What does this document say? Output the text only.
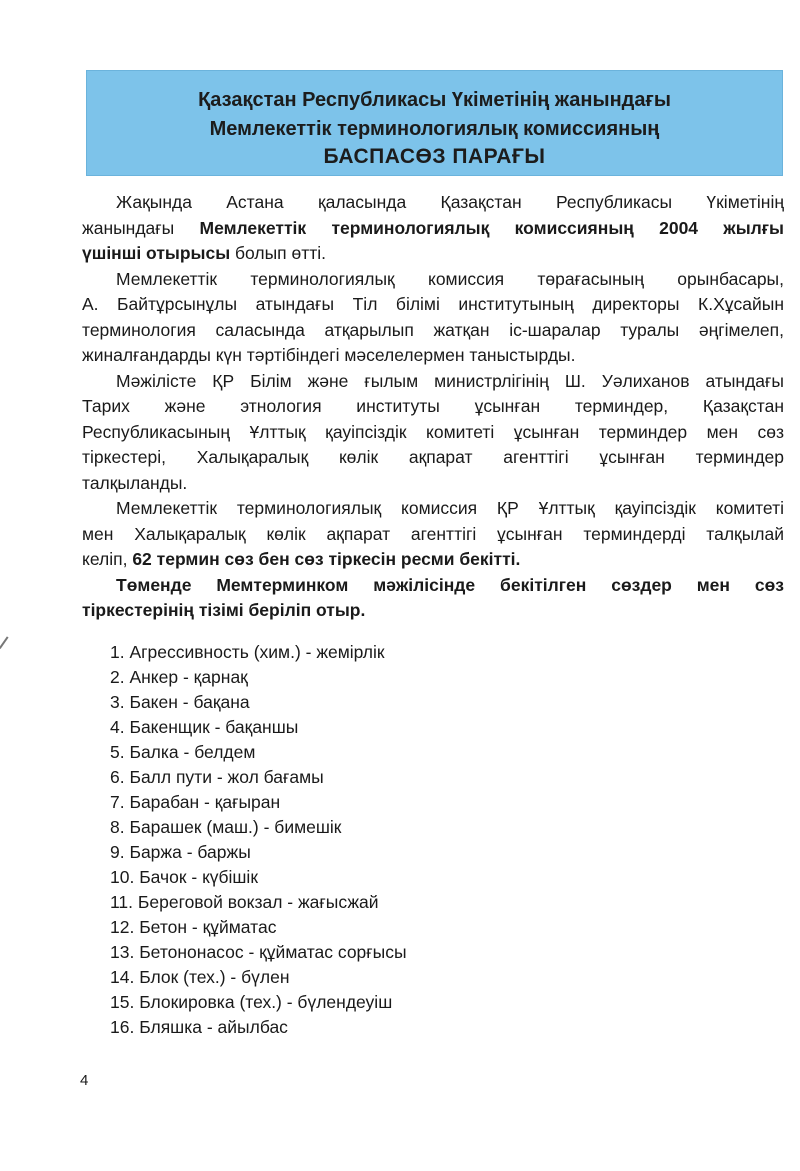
Қазақстан Республикасы Үкіметінің жанындағы
Мемлекеттік терминологиялық комиссияның
БАСПАСӨЗ ПАРАҒЫ
Жақында Астана қаласында Қазақстан Республикасы Үкіметінің
жанындағы Мемлекеттік терминологиялық комиссияның 2004 жылғы
үшінші отырысы болып өтті.
Мемлекеттік терминологиялық комиссия төрағасының орынбасары,
А. Байтұрсынұлы атындағы Тіл білімі институтының директоры К.Хұсайын
терминология саласында атқарылып жатқан іс-шаралар туралы әңгімелеп,
жиналғандарды күн тәртібіндегі мәселелермен таныстырды.
Мәжілісте ҚР Білім және ғылым министрлігінің Ш. Уәлиханов атындағы
Тарих және этнология институты ұсынған терминдер, Қазақстан
Республикасының Ұлттық қауіпсіздік комитеті ұсынған терминдер мен сөз
тіркестері, Халықаралық көлік ақпарат агенттігі ұсынған терминдер
талқыланды.
Мемлекеттік терминологиялық комиссия ҚР Ұлттық қауіпсіздік комитеті
мен Халықаралық көлік ақпарат агенттігі ұсынған терминдерді талқылай
келіп, 62 термин сөз бен сөз тіркесін ресми бекітті.
Төменде Мемтерминком мәжілісінде бекітілген сөздер мен сөз
тіркестерінің тізімі беріліп отыр.
1. Агрессивность (хим.) - жемірлік
2. Анкер - қарнақ
3. Бакен - бақана
4. Бакенщик - бақаншы
5. Балка - белдем
6. Балл пути - жол бағамы
7. Барабан - қағыран
8. Барашек (маш.) - бимешік
9. Баржа - баржы
10. Бачок - күбішік
11. Береговой вокзал - жағысжай
12. Бетон - құйматас
13. Бетононасос - құйматас сорғысы
14. Блок (тех.) - бүлен
15. Блокировка (тех.) - бүлендеуіш
16. Бляшка - айылбас
4
